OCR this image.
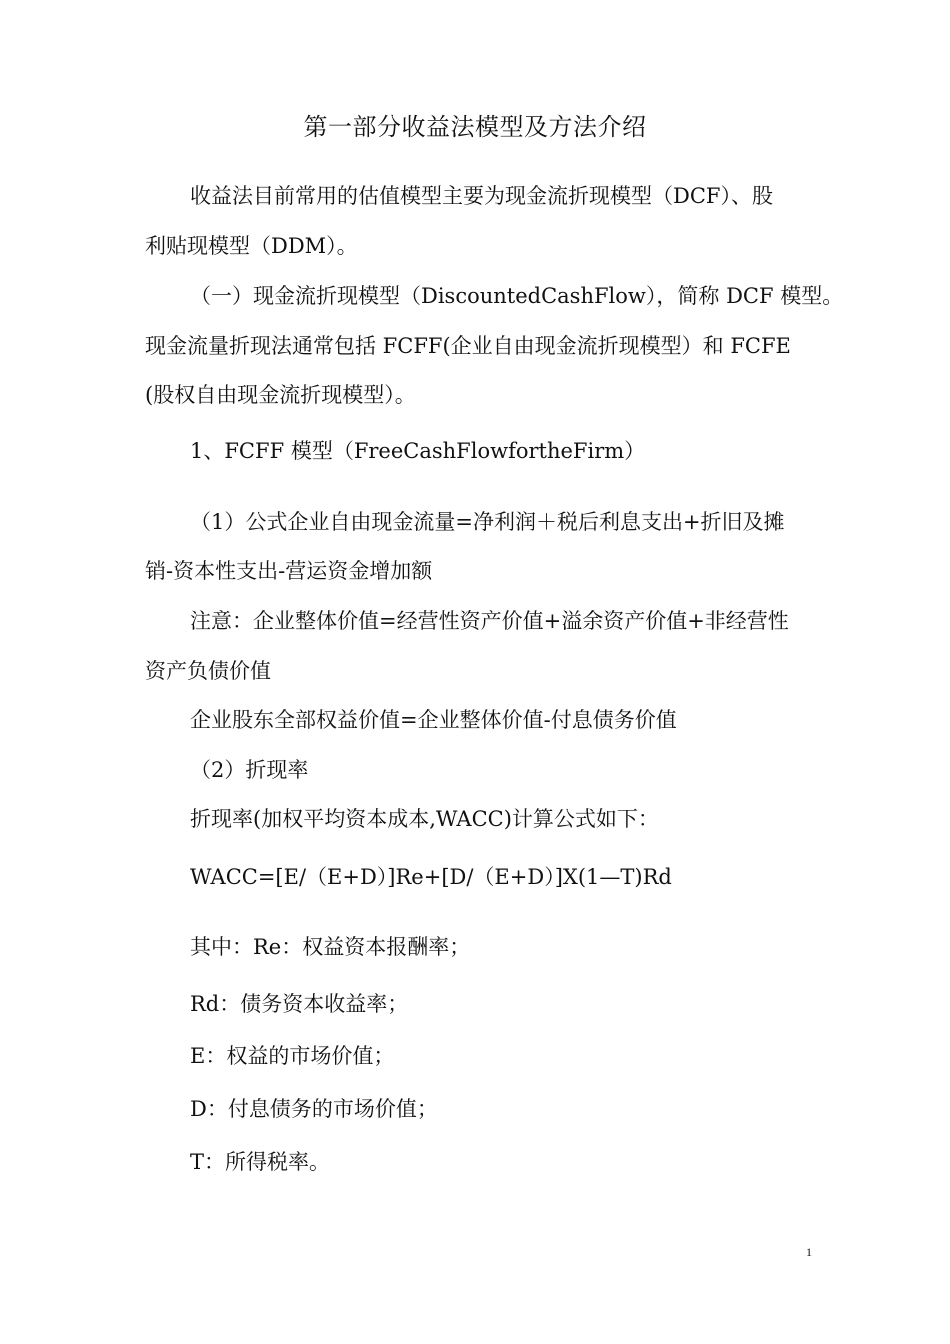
第一部分收益法模型及方法介绍
收益法目前常用的估值模型主要为现金流折现模型（DCF）、股
利贴现模型（DDM）。
（一）现金流折现模型（DiscountedCashFlow），简称 DCF 模型。
现金流量折现法通常包括 FCFF(企业自由现金流折现模型）和 FCFE
(股权自由现金流折现模型）。
1、FCFF 模型（FreeCashFlowfortheFirm）
（1）公式企业自由现金流量=净利润＋税后利息支出+折旧及摊
销-资本性支出-营运资金增加额
注意：企业整体价值=经营性资产价值+溢余资产价值+非经营性
资产负债价值
企业股东全部权益价值=企业整体价值-付息债务价值
（2）折现率
折现率(加权平均资本成本,WACC)计算公式如下：
WACC=[E/（E+D）]Re+[D/（E+D）]X(1—T)Rd
其中：Re：权益资本报酬率；
Rd：债务资本收益率；
E：权益的市场价值；
D：付息债务的市场价值；
T：所得税率。
1
